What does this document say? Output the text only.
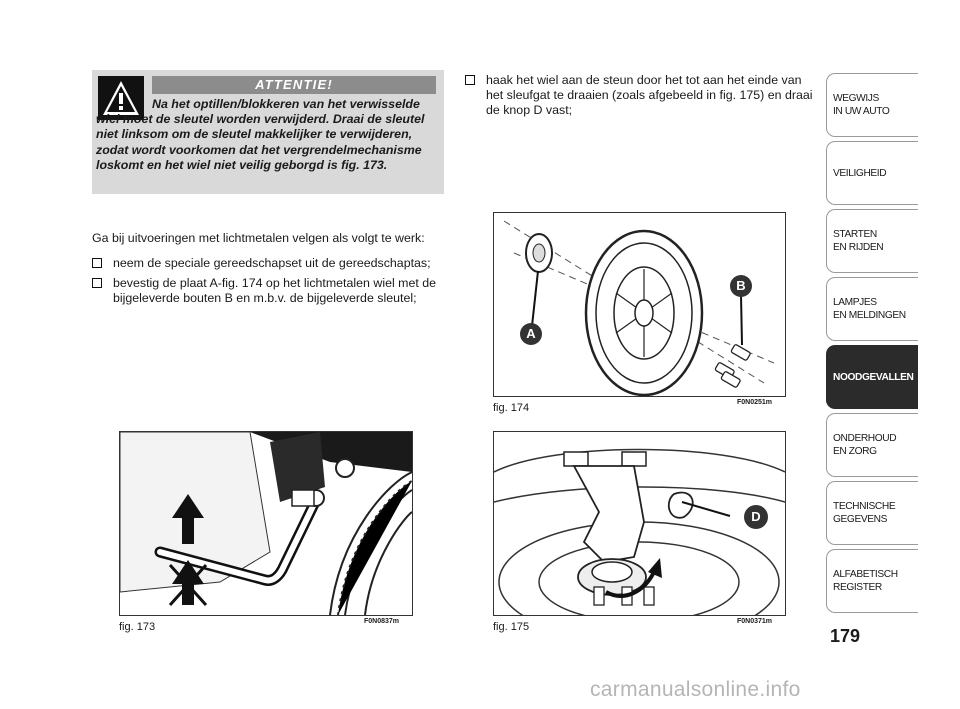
ATTENTIE!

Na het optillen/blokkeren van het verwisselde wiel moet de sleutel worden verwijderd. Draai de sleutel niet linksom om de sleutel makkelijker te verwijderen, zodat wordt voorkomen dat het vergrendelmechanisme loskomt en het wiel niet veilig geborgd is fig. 173.

Ga bij uitvoeringen met lichtmetalen velgen als volgt te werk:

neem de speciale gereedschapset uit de gereedschaptas;

bevestig de plaat A-fig. 174 op het lichtmetalen wiel met de bijgeleverde bouten B en m.b.v. de bijgeleverde sleutel;

haak het wiel aan de steun door het tot aan het einde van het sleufgat te draaien (zoals afgebeeld in fig. 175) en draai de knop D vast;

A
B
fig. 174	F0N0251m
fig. 173	F0N0837m
D
fig. 175	F0N0371m
WEGWIJS
IN UW AUTO
VEILIGHEID
STARTEN
EN RIJDEN
LAMPJES
EN MELDINGEN
NOODGEVALLEN
ONDERHOUD
EN ZORG
TECHNISCHE
GEGEVENS
ALFABETISCH
REGISTER
179
carmanualsonline.info
